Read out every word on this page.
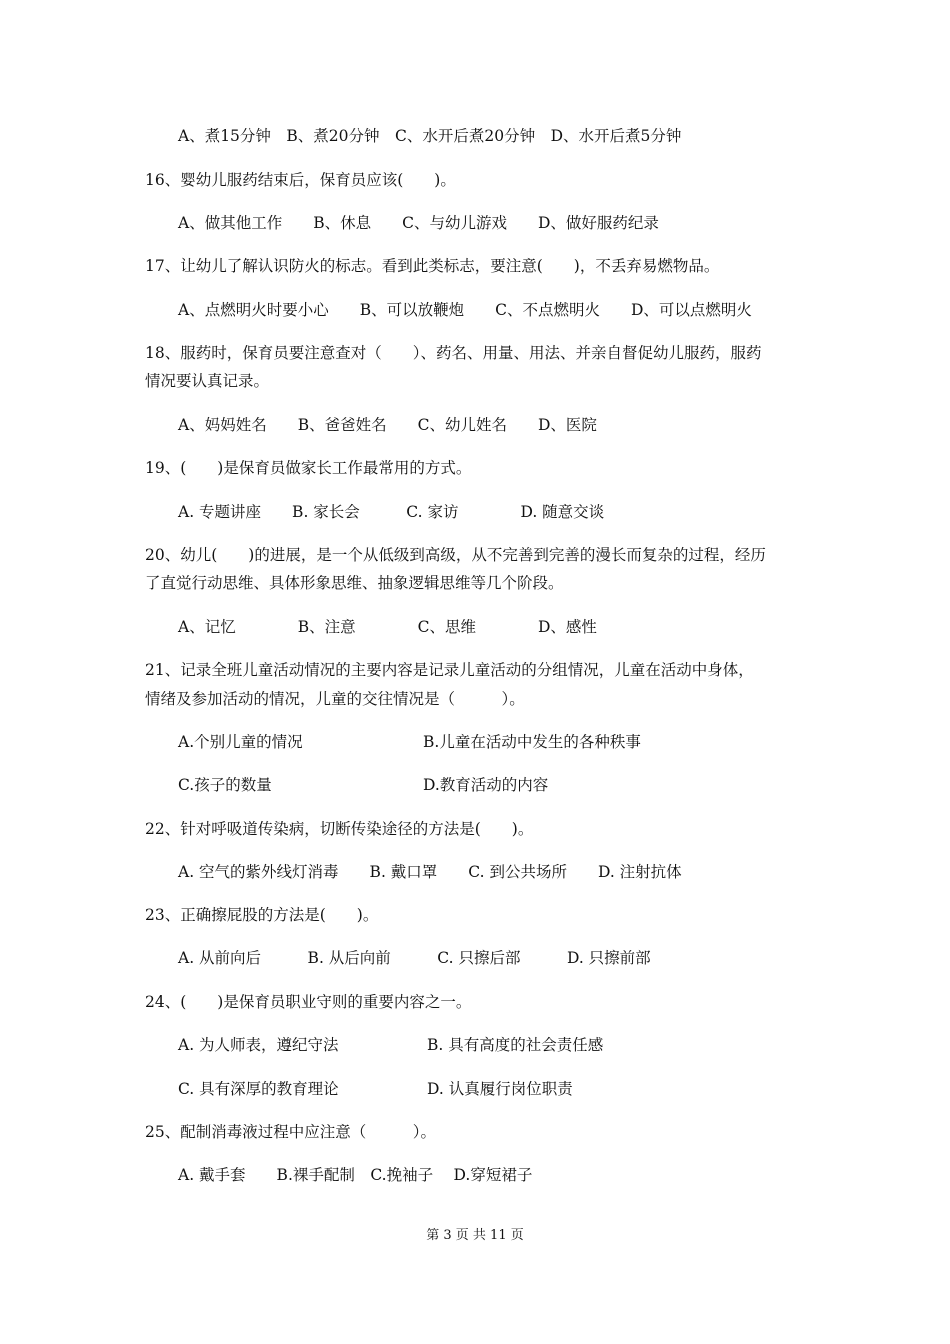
A、煮15分钟　B、煮20分钟　C、水开后煮20分钟　D、水开后煮5分钟
16、婴幼儿服药结束后，保育员应该(　　)。
A、做其他工作　　B、休息　　C、与幼儿游戏　　D、做好服药纪录
17、让幼儿了解认识防火的标志。看到此类标志，要注意(　　)，不丢弃易燃物品。
A、点燃明火时要小心　　B、可以放鞭炮　　C、不点燃明火　　D、可以点燃明火
18、服药时，保育员要注意查对（　　）、药名、用量、用法、并亲自督促幼儿服药，服药
情况要认真记录。
A、妈妈姓名　　B、爸爸姓名　　C、幼儿姓名　　D、医院
19、(　　)是保育员做家长工作最常用的方式。
A. 专题讲座　　B. 家长会　　　C. 家访　　　　D. 随意交谈
20、幼儿(　　)的进展，是一个从低级到高级，从不完善到完善的漫长而复杂的过程，经历
了直觉行动思维、具体形象思维、抽象逻辑思维等几个阶段。
A、记忆　　　　B、注意　　　　C、思维　　　　D、感性
21、记录全班儿童活动情况的主要内容是记录儿童活动的分组情况，儿童在活动中身体，
情绪及参加活动的情况，儿童的交往情况是（　　　）。
A.个别儿童的情况	B.儿童在活动中发生的各种秩事
C.孩子的数量	D.教育活动的内容
22、针对呼吸道传染病，切断传染途径的方法是(　　)。
A. 空气的紫外线灯消毒　　B. 戴口罩　　C. 到公共场所　　D. 注射抗体
23、正确擦屁股的方法是(　　)。
A. 从前向后　　　B. 从后向前　　　C. 只擦后部　　　D. 只擦前部
24、(　　)是保育员职业守则的重要内容之一。
A. 为人师表，遵纪守法	B. 具有高度的社会责任感
C. 具有深厚的教育理论	D. 认真履行岗位职责
25、配制消毒液过程中应注意（　　　）。
A. 戴手套　　B.裸手配制　C.挽袖子　 D.穿短裙子
第 3 页 共 11 页
